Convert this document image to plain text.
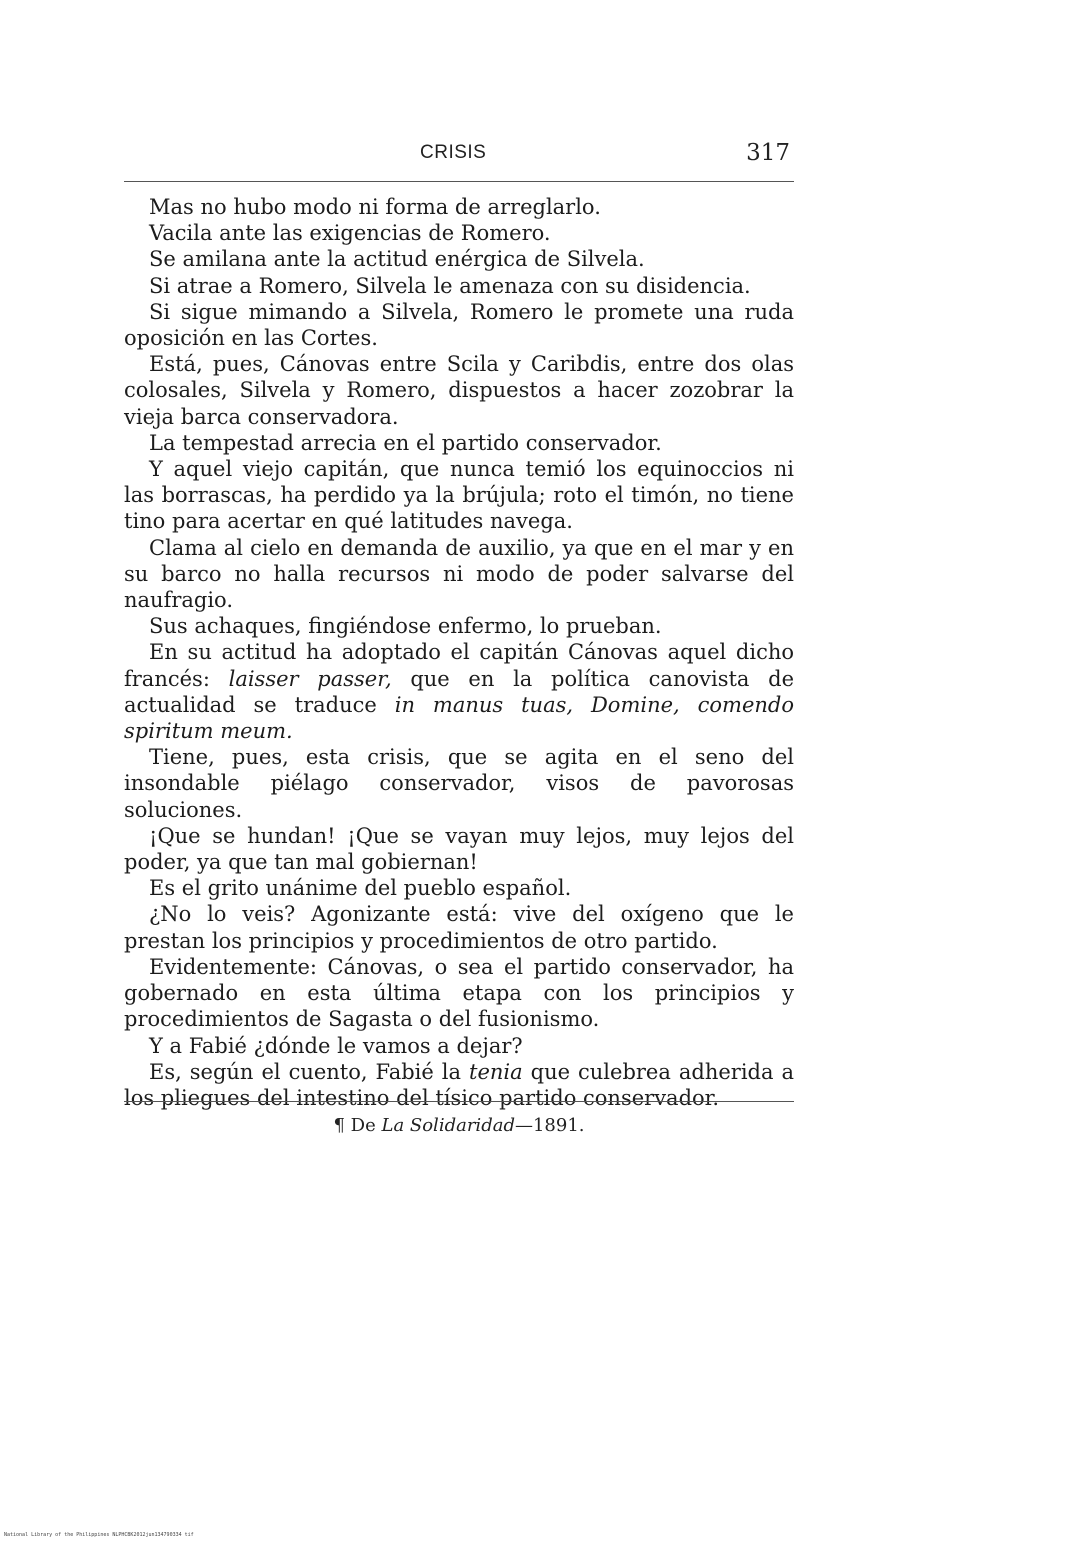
CRISIS	317

Mas no hubo modo ni forma de arreglarlo.

Vacila ante las exigencias de Romero.

Se amilana ante la actitud enérgica de Silvela.

Si atrae a Romero, Silvela le amenaza con su disidencia.

Si sigue mimando a Silvela, Romero le promete una ruda oposición en las Cortes.

Está, pues, Cánovas entre Scila y Caribdis, entre dos olas colosales, Silvela y Romero, dispuestos a hacer zozobrar la vieja barca conservadora.

La tempestad arrecia en el partido conservador.

Y aquel viejo capitán, que nunca temió los equinoccios ni las borrascas, ha perdido ya la brújula; roto el timón, no tiene tino para acertar en qué latitudes navega.

Clama al cielo en demanda de auxilio, ya que en el mar y en su barco no halla recursos ni modo de poder salvarse del naufragio.

Sus achaques, fingiéndose enfermo, lo prueban.

En su actitud ha adoptado el capitán Cánovas aquel dicho francés: laisser passer, que en la política canovista de actualidad se traduce in manus tuas, Domine, comendo spiritum meum.

Tiene, pues, esta crisis, que se agita en el seno del insondable piélago conservador, visos de pavorosas soluciones.

¡Que se hundan! ¡Que se vayan muy lejos, muy lejos del poder, ya que tan mal gobiernan!

Es el grito unánime del pueblo español.

¿No lo veis? Agonizante está: vive del oxígeno que le prestan los principios y procedimientos de otro partido.

Evidentemente: Cánovas, o sea el partido conservador, ha gobernado en esta última etapa con los principios y procedimientos de Sagasta o del fusionismo.

Y a Fabié ¿dónde le vamos a dejar?

Es, según el cuento, Fabié la tenia que culebrea adherida a los pliegues del intestino del tísico partido conservador.

¶ De La Solidaridad—1891.
National Library of the Philippines NLPHCBK2012jun134790334 tif
